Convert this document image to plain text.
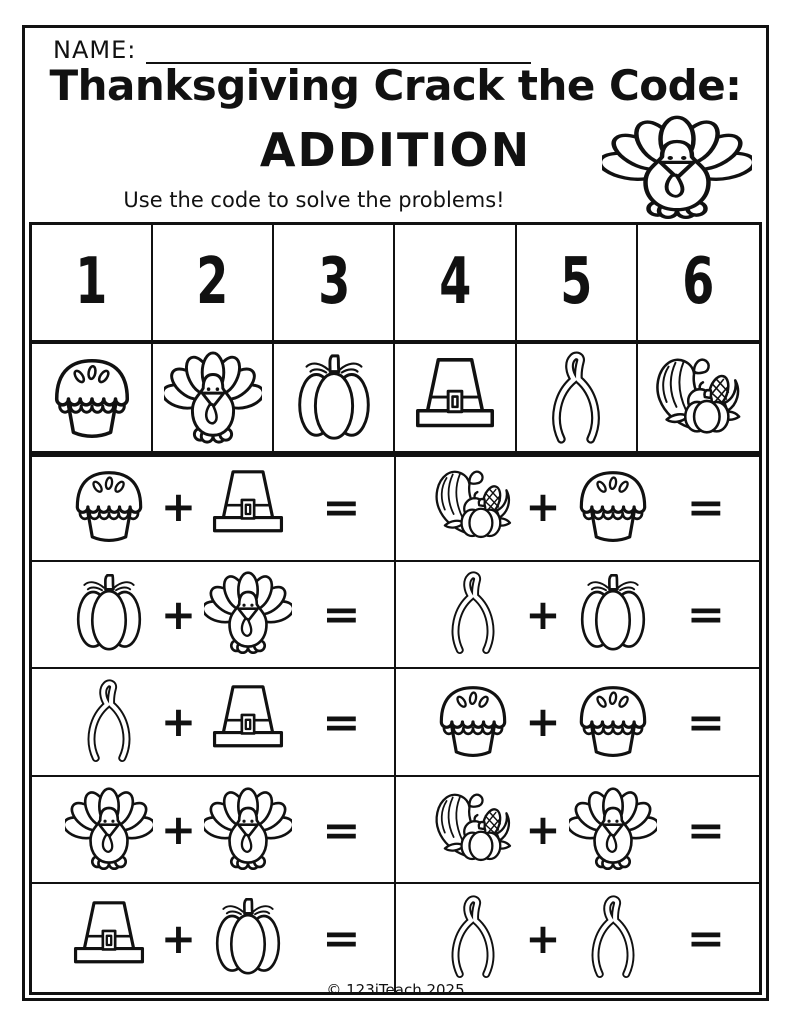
NAME:
Thanksgiving Crack the Code:
ADDITION
Use the code to solve the problems!
1 2 3 4 5 6
+	=	+	=
+	=	+	=
+	=	+	=
+	=	+	=
+	=	+	=
© 123iTeach 2025
